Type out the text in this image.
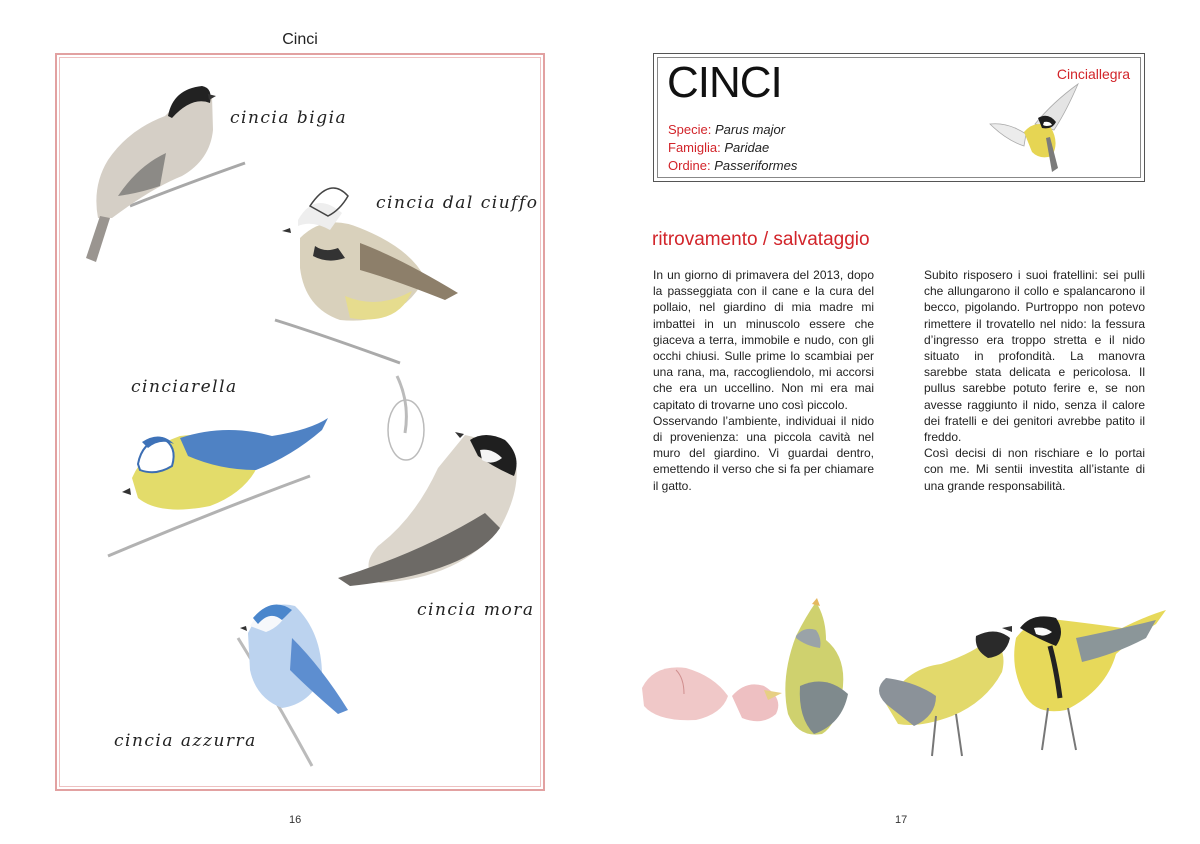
Cinci
cincia bigia
cincia dal ciuffo
cinciarella
cincia mora
cincia azzurra
16
CINCI	Cinciallegra
Specie: Parus major
Famiglia: Paridae
Ordine: Passeriformes
ritrovamento / salvataggio

In un giorno di primavera del 2013, dopo la passeggiata con il cane e la cura del pollaio, nel giardino di mia madre mi imbattei in un minuscolo essere che giaceva a terra, immobile e nudo, con gli occhi chiusi. Sulle prime lo scambiai per una rana, ma, raccogliendolo, mi accorsi che era un uccellino. Non mi era mai capitato di trovarne uno così piccolo.

Osservando l’ambiente, individuai il nido di provenienza: una piccola cavità nel muro del giardino. Vi guardai dentro, emettendo il verso che si fa per chiamare il gatto.

Subito risposero i suoi fratellini: sei pulli che allungarono il collo e spalancarono il becco, pigolando. Purtroppo non potevo rimettere il trovatello nel nido: la fessura d’ingresso era troppo stretta e il nido situato in profondità. La manovra sarebbe stata delicata e pericolosa. Il pullus sarebbe potuto ferire e, se non avesse raggiunto il nido, senza il calore dei fratelli e dei genitori avrebbe patito il freddo.

Così decisi di non rischiare e lo portai con me. Mi sentii investita all’istante di una grande responsabilità.

17
